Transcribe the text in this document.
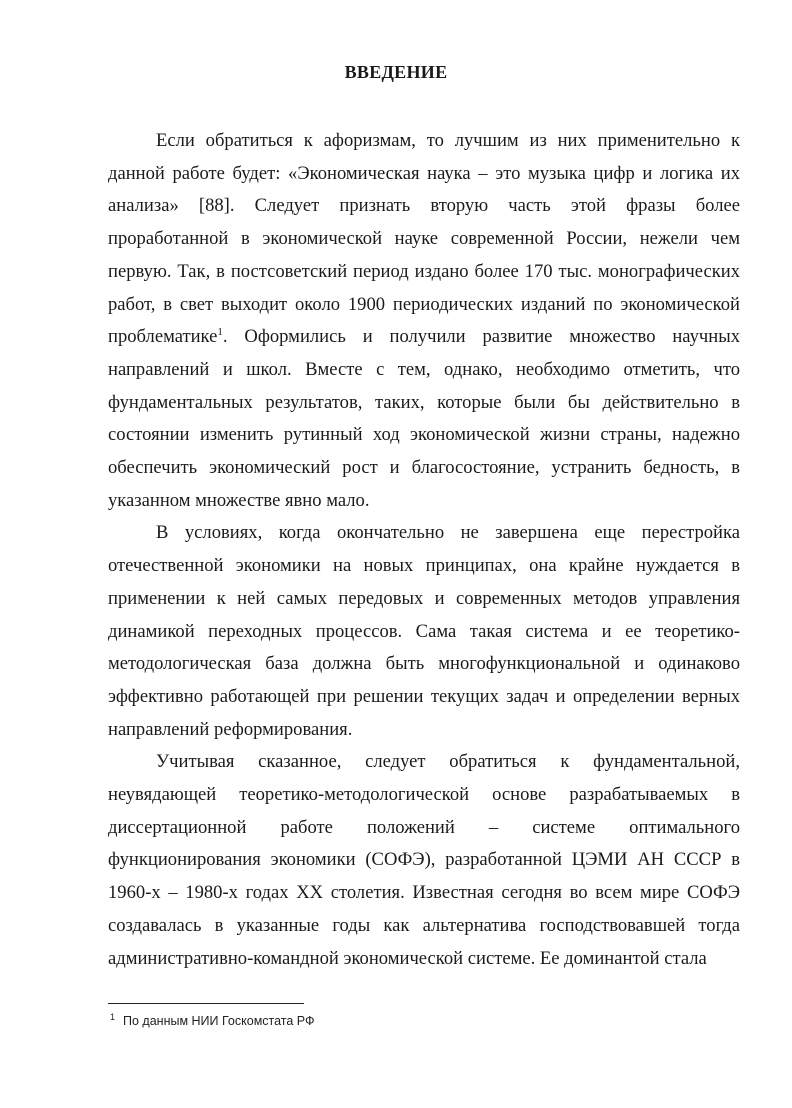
ВВЕДЕНИЕ

Если обратиться к афоризмам, то лучшим из них применительно к данной работе будет: «Экономическая наука – это музыка цифр и логика их анализа» [88]. Следует признать вторую часть этой фразы более проработанной в экономической науке современной России, нежели чем первую. Так, в постсоветский период издано более 170 тыс. монографических работ, в свет выходит около 1900 периодических изданий по экономической проблематике$^1$. Оформились и получили развитие множество научных направлений и школ. Вместе с тем, однако, необходимо отметить, что фундаментальных результатов, таких, которые были бы действительно в состоянии изменить рутинный ход экономической жизни страны, надежно обеспечить экономический рост и благосостояние, устранить бедность, в указанном множестве явно мало.

В условиях, когда окончательно не завершена еще перестройка отечественной экономики на новых принципах, она крайне нуждается в применении к ней самых передовых и современных методов управления динамикой переходных процессов. Сама такая система и ее теоретико-методологическая база должна быть многофункциональной и одинаково эффективно работающей при решении текущих задач и определении верных направлений реформирования.

Учитывая сказанное, следует обратиться к фундаментальной, неувядающей теоретико-методологической основе разрабатываемых в диссертационной работе положений – системе оптимального функционирования экономики (СОФЭ), разработанной ЦЭМИ АН СССР в 1960-х – 1980-х годах XX столетия. Известная сегодня во всем мире СОФЭ создавалась в указанные годы как альтернатива господствовавшей тогда административно-командной экономической системе. Ее доминантой стала

$^1$ По данным НИИ Госкомстата РФ
